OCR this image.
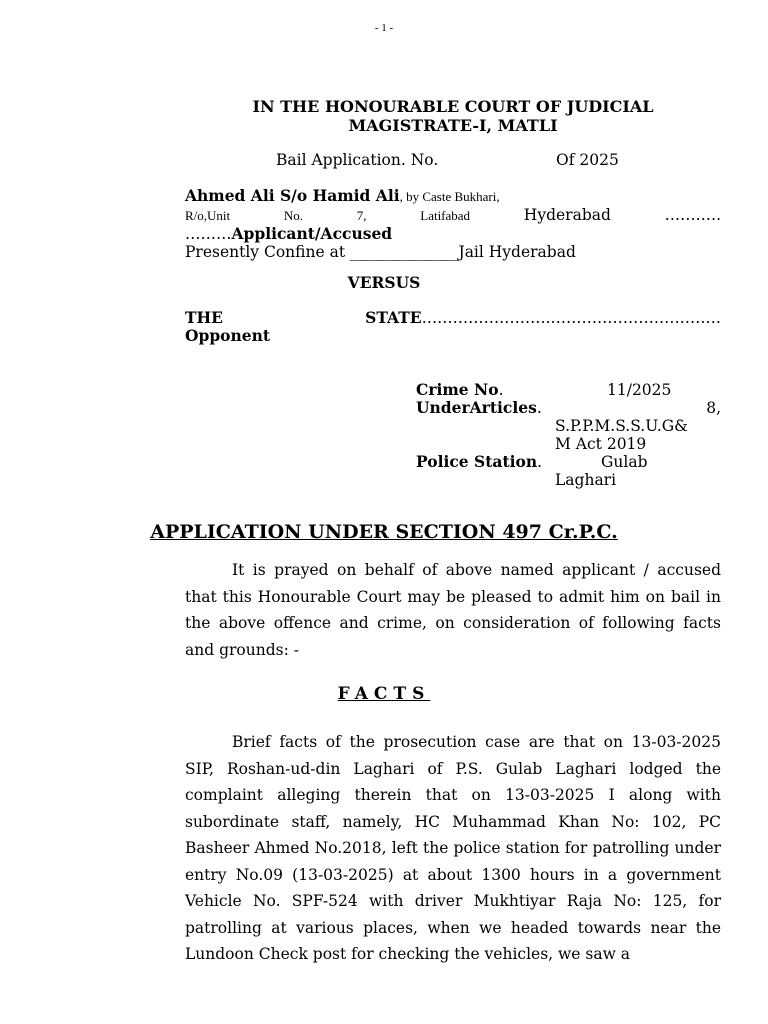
- 1 -
IN THE HONOURABLE COURT OF JUDICIAL
MAGISTRATE-I, MATLI
Bail Application. No.	Of 2025
Ahmed Ali S/o Hamid Ali, by Caste Bukhari,
R/o,Unit	No.	7,	Latifabad	Hyderabad	…….….
………Applicant/Accused
Presently Confine at ______________Jail Hyderabad
VERSUS
THE	STATE…………………….……………………………
Opponent
Crime No.	11/2025
UnderArticles.	8,
S.P.P.M.S.S.U.G&
M Act 2019
Police Station.	Gulab
Laghari
APPLICATION UNDER SECTION 497 Cr.P.C.

It is prayed on behalf of above named applicant / accused that this Honourable Court may be pleased to admit him on bail in the above offence and crime, on consideration of following facts and grounds: -

FACTS

Brief facts of the prosecution case are that on 13-03-2025 SIP, Roshan-ud-din Laghari of P.S. Gulab Laghari lodged the complaint alleging therein that on 13-03-2025 I along with subordinate staff, namely, HC Muhammad Khan No: 102, PC Basheer Ahmed No.2018, left the police station for patrolling under entry No.09 (13-03-2025) at about 1300 hours in a government Vehicle No. SPF-524 with driver Mukhtiyar Raja No: 125, for patrolling at various places, when we headed towards near the Lundoon Check post for checking the vehicles, we saw a
